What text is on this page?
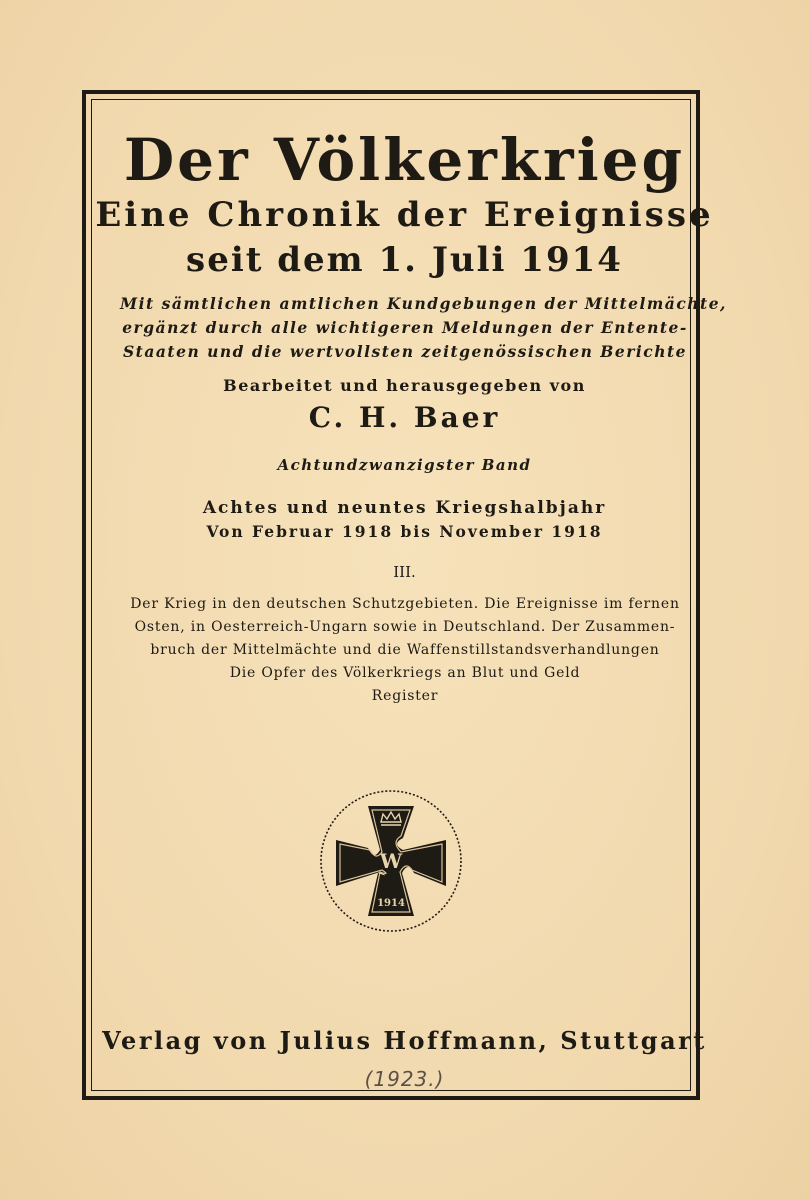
Der Völkerkrieg
Eine Chronik der Ereignisse
seit dem 1. Juli 1914
Mit sämtlichen amtlichen Kundgebungen der Mittelmächte,
ergänzt durch alle wichtigeren Meldungen der Entente-
Staaten und die wertvollsten zeitgenössischen Berichte
Bearbeitet und herausgegeben von
C. H. Baer
Achtundzwanzigster Band
Achtes und neuntes Kriegshalbjahr
Von Februar 1918 bis November 1918
III.
Der Krieg in den deutschen Schutzgebieten. Die Ereignisse im fernen
Osten, in Oesterreich-Ungarn sowie in Deutschland. Der Zusammen-
bruch der Mittelmächte und die Waffenstillstandsverhandlungen
Die Opfer des Völkerkriegs an Blut und Geld
Register
W
1914
Verlag von Julius Hoffmann, Stuttgart
(1923.)
